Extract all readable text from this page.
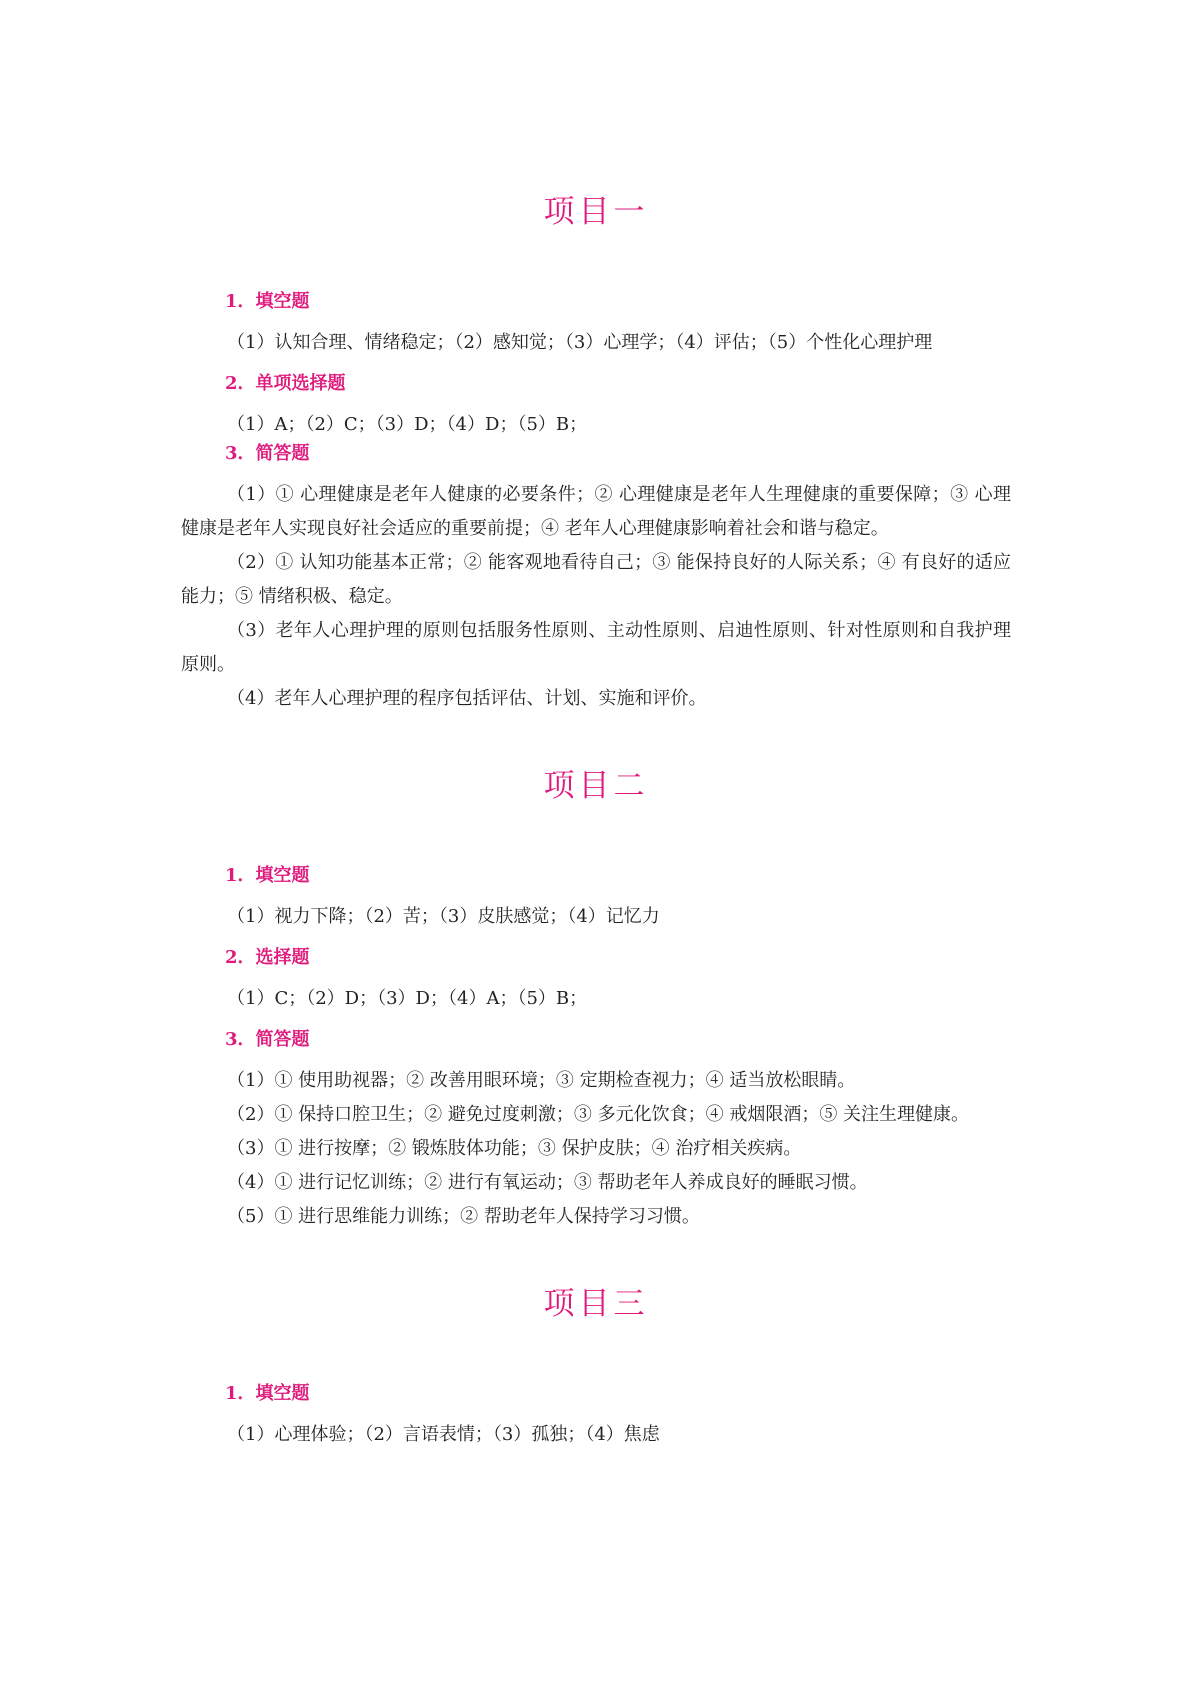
项目一
1．填空题

（1）认知合理、情绪稳定；（2）感知觉；（3）心理学；（4）评估；（5）个性化心理护理

2．单项选择题

（1）A；（2）C；（3）D；（4）D；（5）B；

3．简答题

（1）① 心理健康是老年人健康的必要条件；② 心理健康是老年人生理健康的重要保障；③ 心理健康是老年人实现良好社会适应的重要前提；④ 老年人心理健康影响着社会和谐与稳定。

（2）① 认知功能基本正常；② 能客观地看待自己；③ 能保持良好的人际关系；④ 有良好的适应能力；⑤ 情绪积极、稳定。

（3）老年人心理护理的原则包括服务性原则、主动性原则、启迪性原则、针对性原则和自我护理原则。

（4）老年人心理护理的程序包括评估、计划、实施和评价。

项目二
1．填空题

（1）视力下降；（2）苦；（3）皮肤感觉；（4）记忆力

2．选择题

（1）C；（2）D；（3）D；（4）A；（5）B；

3．简答题

（1）① 使用助视器；② 改善用眼环境；③ 定期检查视力；④ 适当放松眼睛。

（2）① 保持口腔卫生；② 避免过度刺激；③ 多元化饮食；④ 戒烟限酒；⑤ 关注生理健康。

（3）① 进行按摩；② 锻炼肢体功能；③ 保护皮肤；④ 治疗相关疾病。

（4）① 进行记忆训练；② 进行有氧运动；③ 帮助老年人养成良好的睡眠习惯。

（5）① 进行思维能力训练；② 帮助老年人保持学习习惯。

项目三
1．填空题

（1）心理体验；（2）言语表情；（3）孤独；（4）焦虑
